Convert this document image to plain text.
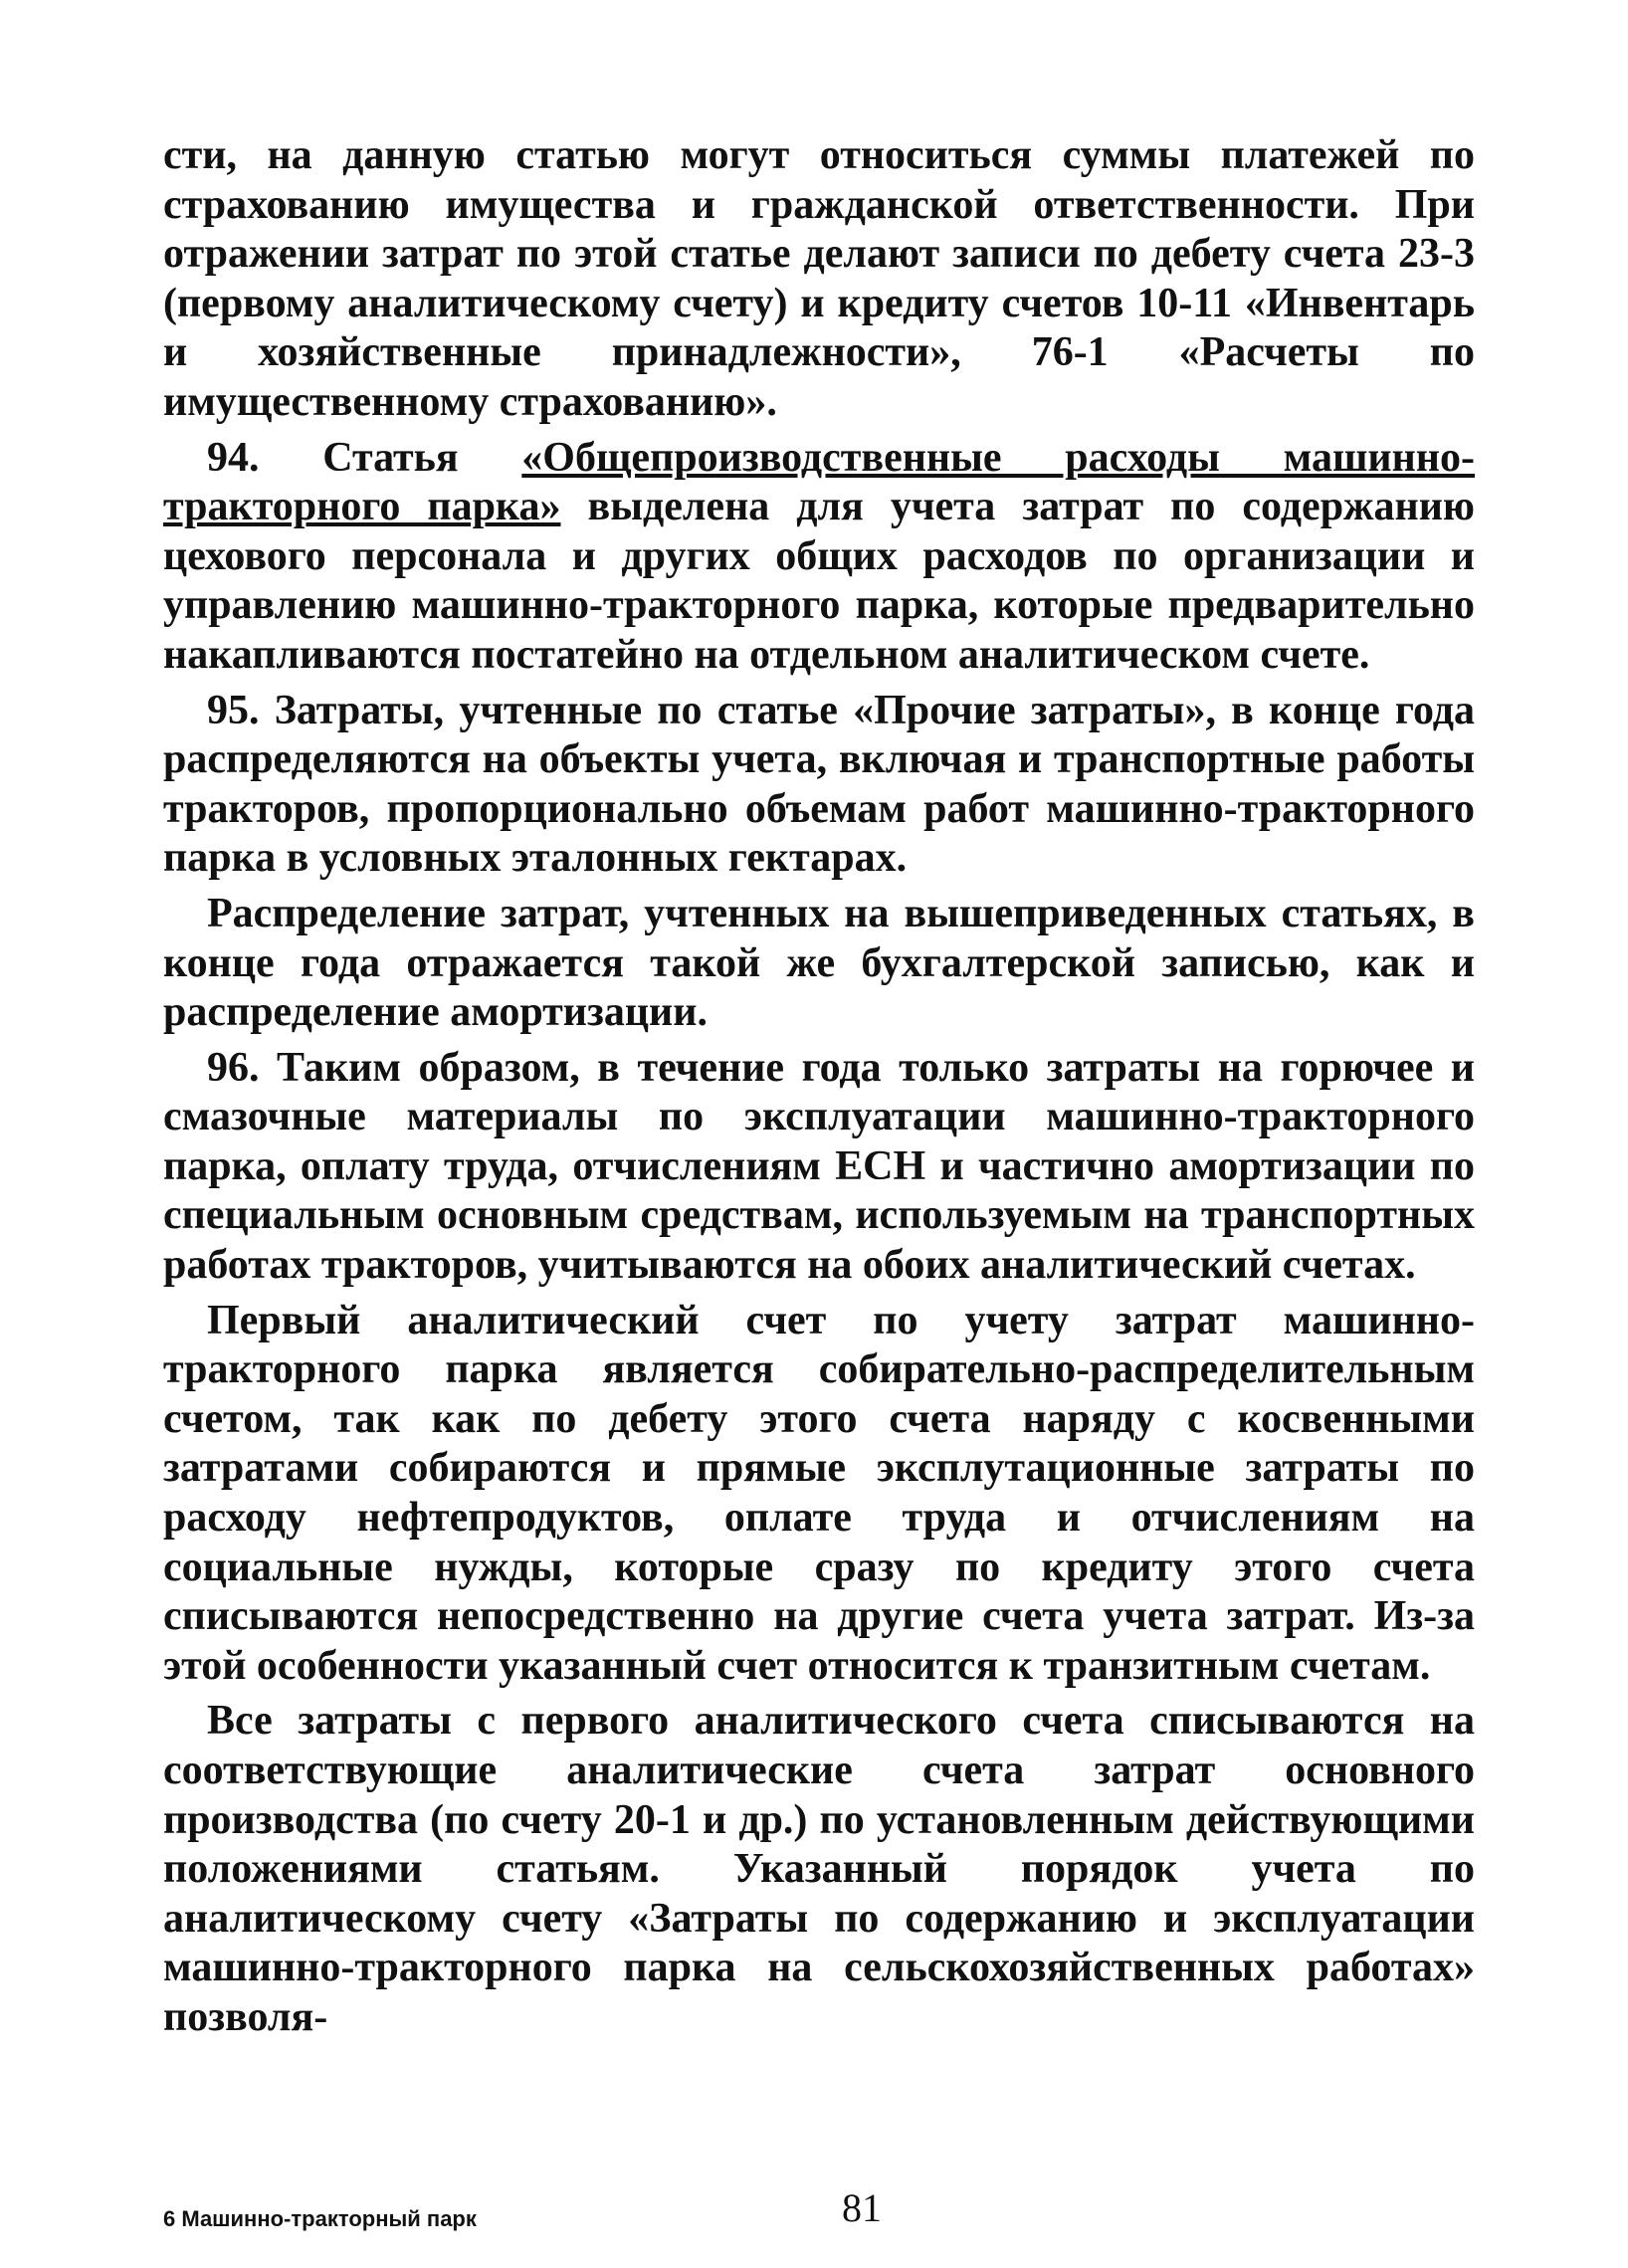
сти, на данную статью могут относиться суммы платежей по страхованию имущества и гражданской ответственности. При отражении затрат по этой статье делают записи по дебету счета 23-3 (первому аналитическому счету) и кредиту счетов 10-11 «Инвентарь и хозяйственные принадлежности», 76-1 «Расчеты по имущественному страхованию».

94. Статья «Общепроизводственные расходы машинно-тракторного парка» выделена для учета затрат по содержанию цехового персонала и других общих расходов по организации и управлению машинно-тракторного парка, которые предварительно накапливаются постатейно на отдельном аналитическом счете.

95. Затраты, учтенные по статье «Прочие затраты», в конце года распределяются на объекты учета, включая и транспортные работы тракторов, пропорционально объемам работ машинно-тракторного парка в условных эталонных гектарах.

Распределение затрат, учтенных на вышеприведенных статьях, в конце года отражается такой же бухгалтерской записью, как и распределение амортизации.

96. Таким образом, в течение года только затраты на горючее и смазочные материалы по эксплуатации машинно-тракторного парка, оплату труда, отчислениям ЕСН и частично амортизации по специальным основным средствам, используемым на транспортных работах тракторов, учитываются на обоих аналитический счетах.

Первый аналитический счет по учету затрат машинно-тракторного парка является собирательно-распределительным счетом, так как по дебету этого счета наряду с косвенными затратами собираются и прямые эксплутационные затраты по расходу нефтепродуктов, оплате труда и отчислениям на социальные нужды, которые сразу по кредиту этого счета списываются непосредственно на другие счета учета затрат. Из-за этой особенности указанный счет относится к транзитным счетам.

Все затраты с первого аналитического счета списываются на соответствующие аналитические счета затрат основного производства (по счету 20-1 и др.) по установленным действующими положениями статьям. Указанный порядок учета по аналитическому счету «Затраты по содержанию и эксплуатации машинно-тракторного парка на сельскохозяйственных работах» позволя-

6 Машинно-тракторный парк	81
